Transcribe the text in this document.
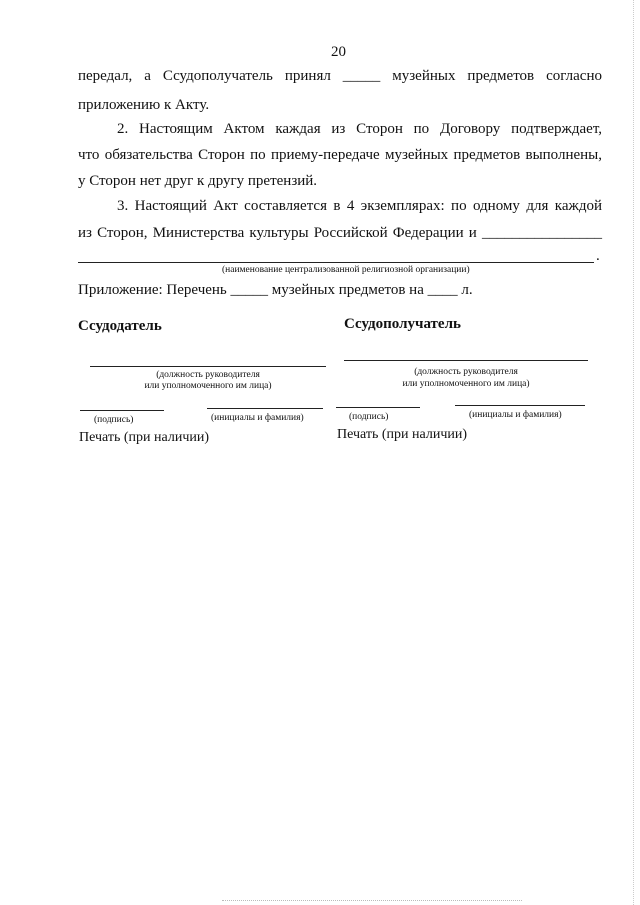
20
передал, а Ссудополучатель принял _____ музейных предметов согласно
приложению к Акту.
2. Настоящим Актом каждая из Сторон по Договору подтверждает,
что обязательства Сторон по приему-передаче музейных предметов выполнены,
у Сторон нет друг к другу претензий.
3. Настоящий Акт составляется в 4 экземплярах: по одному для каждой
из Сторон, Министерства культуры Российской Федерации и ________________
.
(наименование централизованной религиозной организации)
Приложение: Перечень _____ музейных предметов на ____ л.
Ссудодатель
(должность руководителя
или уполномоченного им лица)
(подпись)	(инициалы и фамилия)
Печать (при наличии)
Ссудополучатель
(должность руководителя
или уполномоченного им лица)
(подпись)	(инициалы и фамилия)
Печать (при наличии)
